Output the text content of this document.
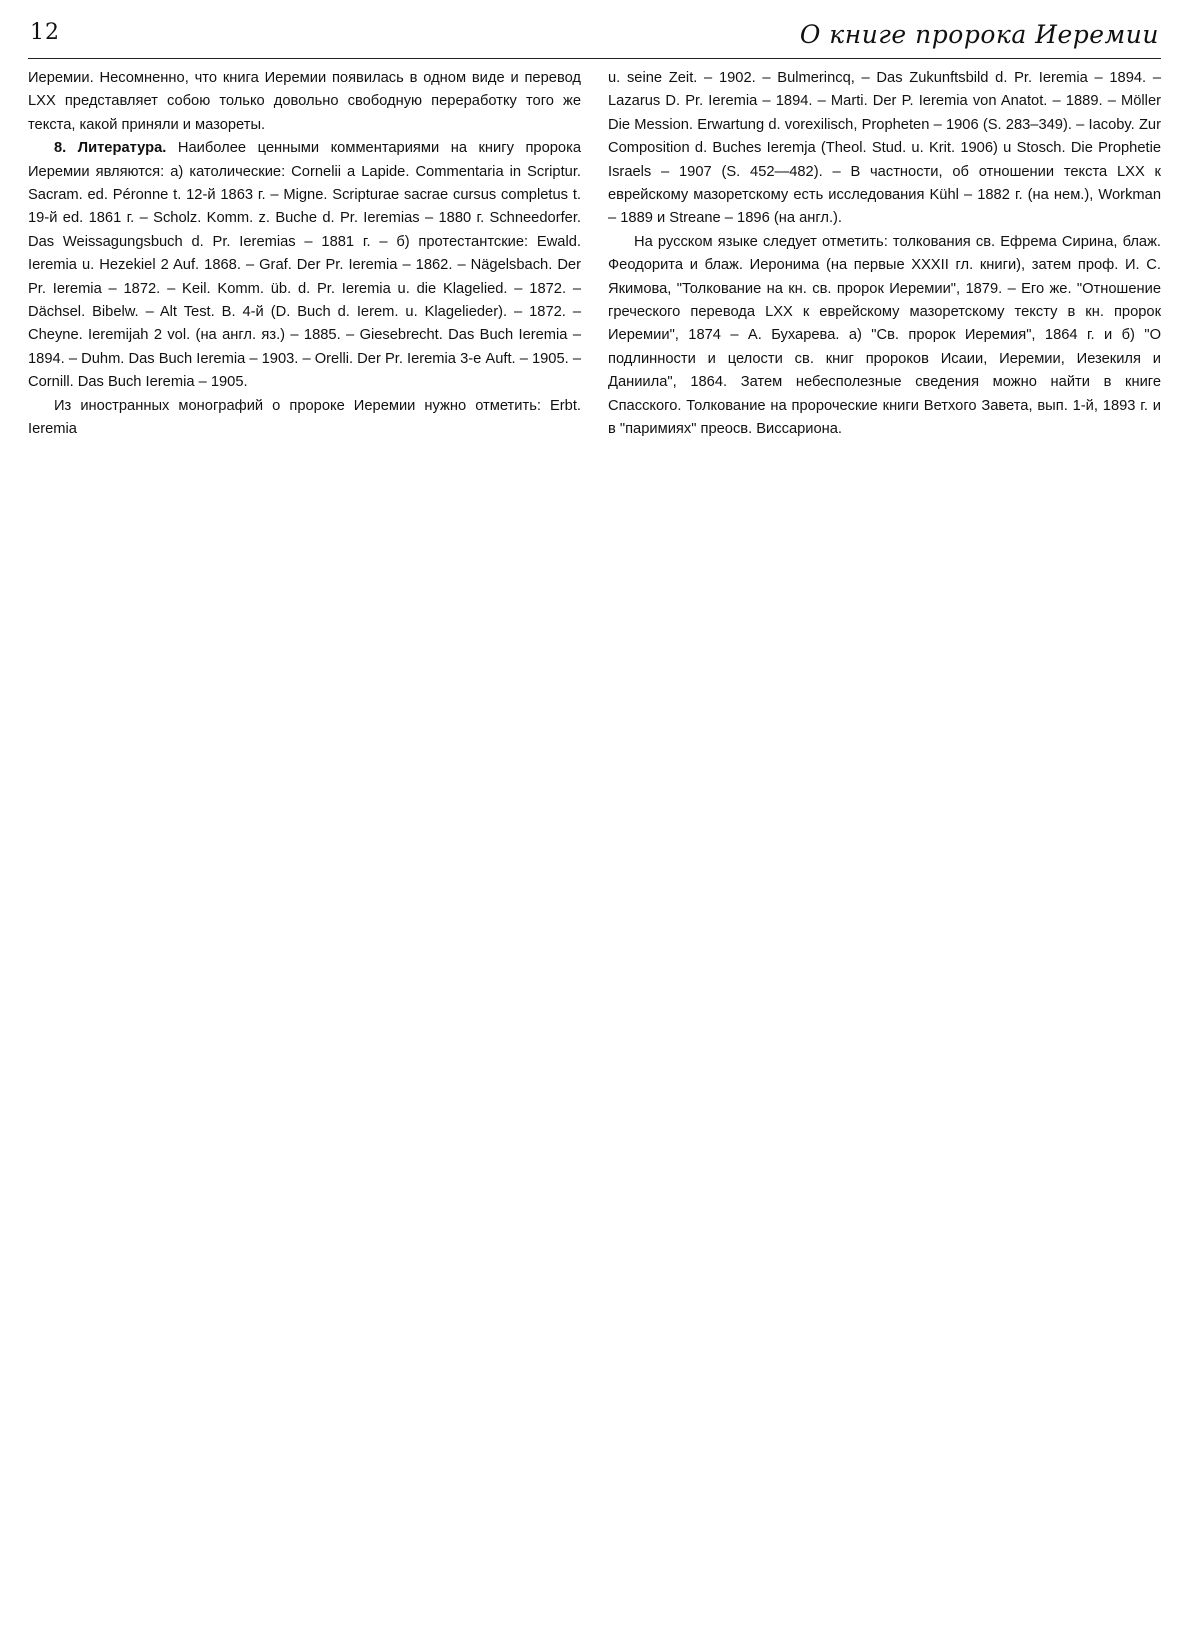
12	О книге пророка Иеремии

Иеремии. Несомненно, что книга Иеремии появилась в одном виде и перевод LXX представляет собою только довольно свободную переработку того же текста, какой приняли и мазореты.

8. Литература. Наиболее ценными комментариями на книгу пророка Иеремии являются: а) католические: Cornelii a Lapide. Commentaria in Scriptur. Sacram. ed. Péronne t. 12-й 1863 г. – Migne. Scripturae sacrae cursus completus t. 19-й ed. 1861 г. – Scholz. Komm. z. Buche d. Pr. Ieremias – 1880 г. Schneedorfer. Das Weissagungsbuch d. Pr. Ieremias – 1881 г. – б) протестантские: Ewald. Ieremia u. Hezekiel 2 Auf. 1868. – Graf. Der Pr. Ieremia – 1862. – Nägelsbach. Der Pr. Ieremia – 1872. – Keil. Komm. üb. d. Pr. Ieremia u. die Klagelied. – 1872. – Dächsel. Bibelw. – Alt Test. B. 4-й (D. Buch d. Ierem. u. Klagelieder). – 1872. – Cheyne. Ieremijah 2 vol. (на англ. яз.) – 1885. – Giesebrecht. Das Buch Ieremia – 1894. – Duhm. Das Buch Ieremia – 1903. – Orelli. Der Pr. Ieremia 3-е Auft. – 1905. – Cornill. Das Buch Ieremia – 1905.

Из иностранных монографий о пророке Иеремии нужно отметить: Erbt. Ieremia

u. seine Zeit. – 1902. – Bulmerincq, – Das Zukunftsbild d. Pr. Ieremia – 1894. – Lazarus D. Pr. Ieremia – 1894. – Marti. Der P. Ieremia von Anatot. – 1889. – Möller Die Mession. Erwartung d. vorexilisch, Propheten – 1906 (S. 283–349). – Iacoby. Zur Composition d. Buches Ieremja (Theol. Stud. u. Krit. 1906) u Stosch. Die Prophetie Israels – 1907 (S. 452—482). – В частности, об отношении текста LXX к еврейскому мазоретскому есть исследования Kühl – 1882 г. (на нем.), Workman – 1889 и Streane – 1896 (на англ.).

На русском языке следует отметить: толкования св. Ефрема Сирина, блаж. Феодорита и блаж. Иеронима (на первые XXXII гл. книги), затем проф. И. С. Якимова, "Толкование на кн. св. пророк Иеремии", 1879. – Его же. "Отношение греческого перевода LXX к еврейскому мазоретскому тексту в кн. пророк Иеремии", 1874 – А. Бухарева. а) "Св. пророк Иеремия", 1864 г. и б) "О подлинности и целости св. книг пророков Исаии, Иеремии, Иезекиля и Даниила", 1864. Затем небесполезные сведения можно найти в книге Спасского. Толкование на пророческие книги Ветхого Завета, вып. 1-й, 1893 г. и в "паримиях" преосв. Виссариона.
